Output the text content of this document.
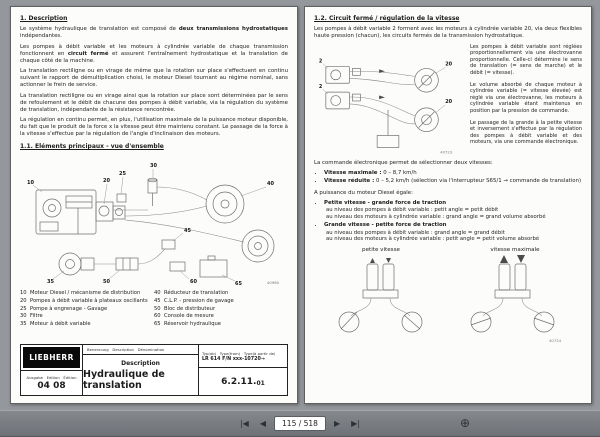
1. Description

Le système hydraulique de translation est composé de deux transmissions hydrostatiques indépendantes.

Les pompes à débit variable et les moteurs à cylindrée variable de chaque transmission fonctionnent en circuit fermé et assurent l'entraînement hydrostatique et la translation de chaque côté de la machine.

La translation rectiligne ou en virage de même que la rotation sur place s'effectuent en continu suivant le rapport de démultiplication choisi, le moteur Diesel tournant au régime nominal, sans actionner le frein de service.

La translation rectiligne ou en virage ainsi que la rotation sur place sont déterminées par le sens de refoulement et le débit de chacune des pompes à débit variable, via la régulation du système de translation, indépendante de la résistance rencontrée.

La régulation en continu permet, en plus, l'utilisation maximale de la puissance moteur disponible, du fait que le produit de la force x la vitesse peut être maintenu constant. Le passage de la force à la vitesse s'effectue par la régulation de l'angle d'inclinaison des moteurs.

1.1. Eléments principaux - vue d'ensemble
10	20
25
30
35
40
45
50	60	65	40960
10 Moteur Diesel / mécanisme de distribution
20 Pompes à débit variable à plateaux oscillants
25 Pompe à engrenage - Gavage
30 Filtre
35 Moteur à débit variable
40 Réducteur de translation
45 C.L.P. - pression de gavage
50 Bloc de distributeur
60 Console de mesure
65 Réservoir hydraulique
LIEBHERR
Ausgabe   Edition   Édition
04 08
Benennung   Description   Dénomination
Description
Hydraulique de translation
Typ(ab)   Type(from)   Type(à partir de)
LR 614 F/N xxx-10720→
6.2.11. 01
1.2. Circuit fermé / régulation de la vitesse

Les pompes à débit variable 2 forment avec les moteurs à cylindrée variable 20, via deux flexibles haute pression (chacun), les circuits fermés de la transmission hydrostatique.

2
2
20
20
40723

Les pompes à débit variable sont réglées proportionnellement via une électrovanne proportionnelle. Celle-ci détermine le sens de translation (= sens de marche) et le débit (= vitesse).

Le volume absorbé de chaque moteur à cylindrée variable (= vitesse élevée) est réglé via une électrovanne, les moteurs à cylindrée variable étant maintenus en position par la pression de commande.

Le passage de la grande à la petite vitesse et inversement s'effectue par la régulation des pompes à débit variable et des moteurs, via une commande électronique.

La commande électronique permet de sélectionner deux vitesses:

• Vitesse maximale : 0 – 8,7 km/h
• Vitesse réduite : 0 – 5,2 km/h (sélection via l'interrupteur S65/1 → commande de translation)

A puissance du moteur Diesel égale:

• Petite vitesse - grande force de traction
au niveau des pompes à débit variable : petit angle = petit débit
au niveau des moteurs à cylindrée variable : grand angle = grand volume absorbé
• Grande vitesse - petite force de traction
au niveau des pompes à débit variable : grand angle = grand débit
au niveau des moteurs à cylindrée variable : petit angle = petit volume absorbé
petite vitesse	vitesse maximale
40724
|◀	◀	115 / 518	▶	▶|	⊕
